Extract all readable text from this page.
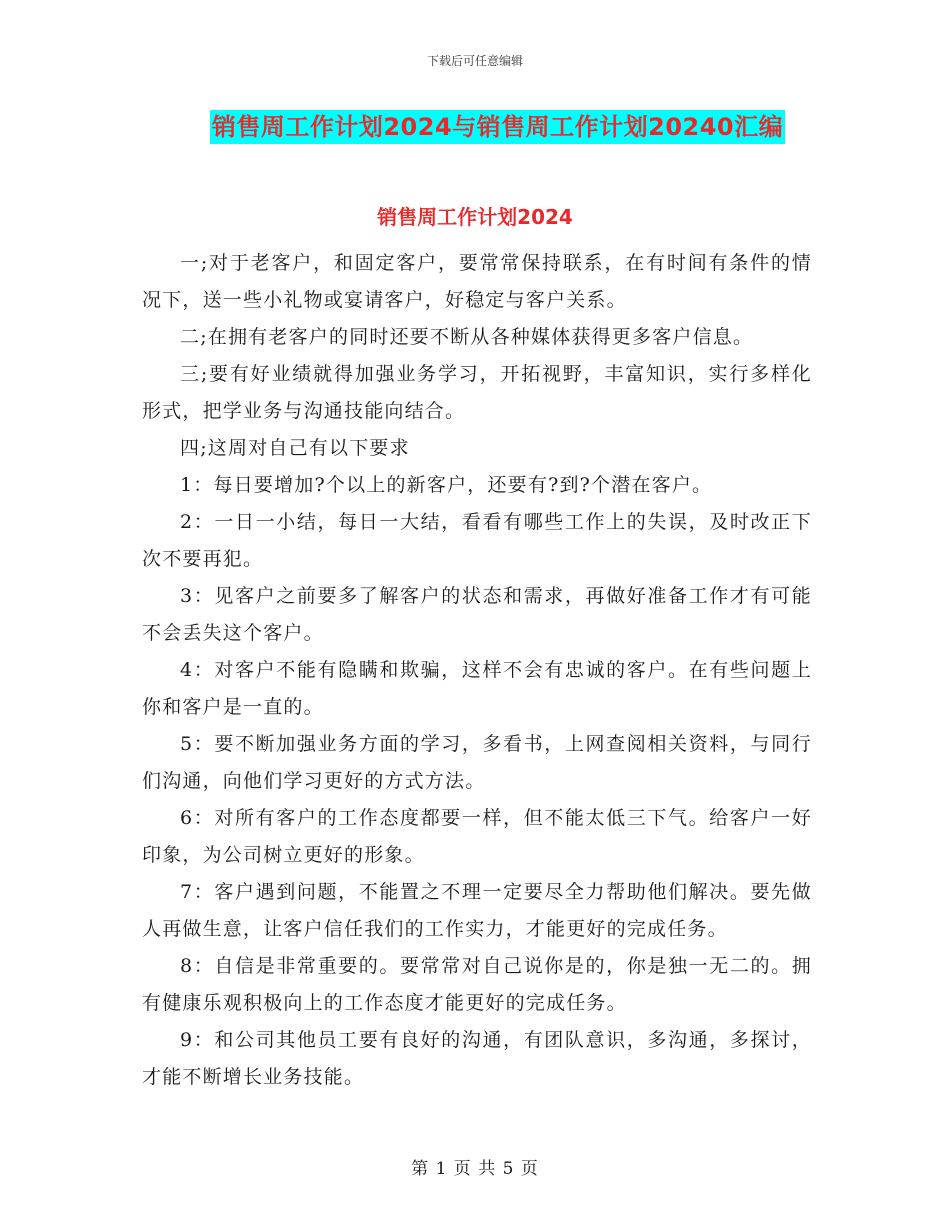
下载后可任意编辑
销售周工作计划2024与销售周工作计划20240汇编
销售周工作计划2024

一;对于老客户，和固定客户，要常常保持联系，在有时间有条件的情况下，送一些小礼物或宴请客户，好稳定与客户关系。

二;在拥有老客户的同时还要不断从各种媒体获得更多客户信息。

三;要有好业绩就得加强业务学习，开拓视野，丰富知识，实行多样化形式，把学业务与沟通技能向结合。

四;这周对自己有以下要求

1：每日要增加?个以上的新客户，还要有?到?个潜在客户。

2：一日一小结，每日一大结，看看有哪些工作上的失误，及时改正下次不要再犯。

3：见客户之前要多了解客户的状态和需求，再做好准备工作才有可能不会丢失这个客户。

4：对客户不能有隐瞒和欺骗，这样不会有忠诚的客户。在有些问题上你和客户是一直的。

5：要不断加强业务方面的学习，多看书，上网查阅相关资料，与同行们沟通，向他们学习更好的方式方法。

6：对所有客户的工作态度都要一样，但不能太低三下气。给客户一好印象，为公司树立更好的形象。

7：客户遇到问题，不能置之不理一定要尽全力帮助他们解决。要先做人再做生意，让客户信任我们的工作实力，才能更好的完成任务。

8：自信是非常重要的。要常常对自己说你是的，你是独一无二的。拥有健康乐观积极向上的工作态度才能更好的完成任务。

9：和公司其他员工要有良好的沟通，有团队意识，多沟通，多探讨，才能不断增长业务技能。

第 1 页 共 5 页
